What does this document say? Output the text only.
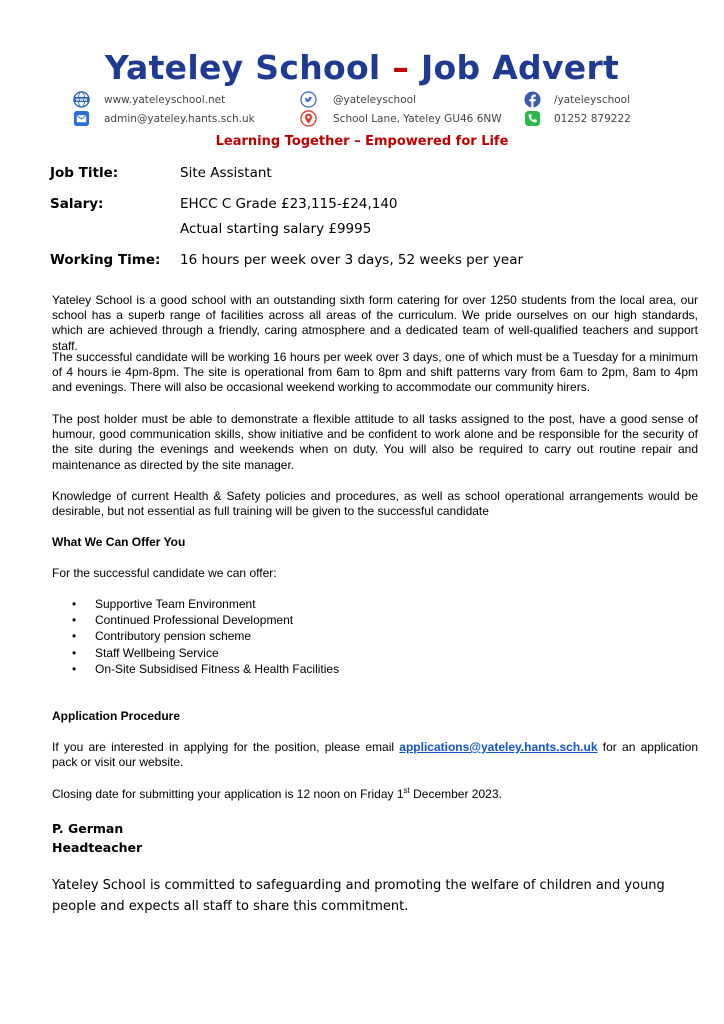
Yateley School – Job Advert
www www.yateleyschool.net	@yateleyschool	/yateleyschool
admin@yateley.hants.sch.uk	School Lane, Yateley GU46 6NW	01252 879222
Learning Together – Empowered for Life
Job Title:	Site Assistant
Salary:	EHCC C Grade £23,115-£24,140
Actual starting salary £9995
Working Time: 16 hours per week over 3 days, 52 weeks per year
Yateley School is a good school with an outstanding sixth form catering for over 1250 students from the local area, our school has a superb range of facilities across all areas of the curriculum. We pride ourselves on our high standards, which are achieved through a friendly, caring atmosphere and a dedicated team of well-qualified teachers and support staff.
The successful candidate will be working 16 hours per week over 3 days, one of which must be a Tuesday for a minimum of 4 hours ie 4pm-8pm. The site is operational from 6am to 8pm and shift patterns vary from 6am to 2pm, 8am to 4pm and evenings. There will also be occasional weekend working to accommodate our community hirers.
The post holder must be able to demonstrate a flexible attitude to all tasks assigned to the post, have a good sense of humour, good communication skills, show initiative and be confident to work alone and be responsible for the security of the site during the evenings and weekends when on duty. You will also be required to carry out routine repair and maintenance as directed by the site manager.
Knowledge of current Health & Safety policies and procedures, as well as school operational arrangements would be desirable, but not essential as full training will be given to the successful candidate
What We Can Offer You
For the successful candidate we can offer:
• Supportive Team Environment
• Continued Professional Development
• Contributory pension scheme
• Staff Wellbeing Service
• On-Site Subsidised Fitness & Health Facilities
Application Procedure
If you are interested in applying for the position, please email applications@yateley.hants.sch.uk for an application pack or visit our website.
Closing date for submitting your application is 12 noon on Friday 1st December 2023.
P. German
Headteacher
Yateley School is committed to safeguarding and promoting the welfare of children and young people and expects all staff to share this commitment.
